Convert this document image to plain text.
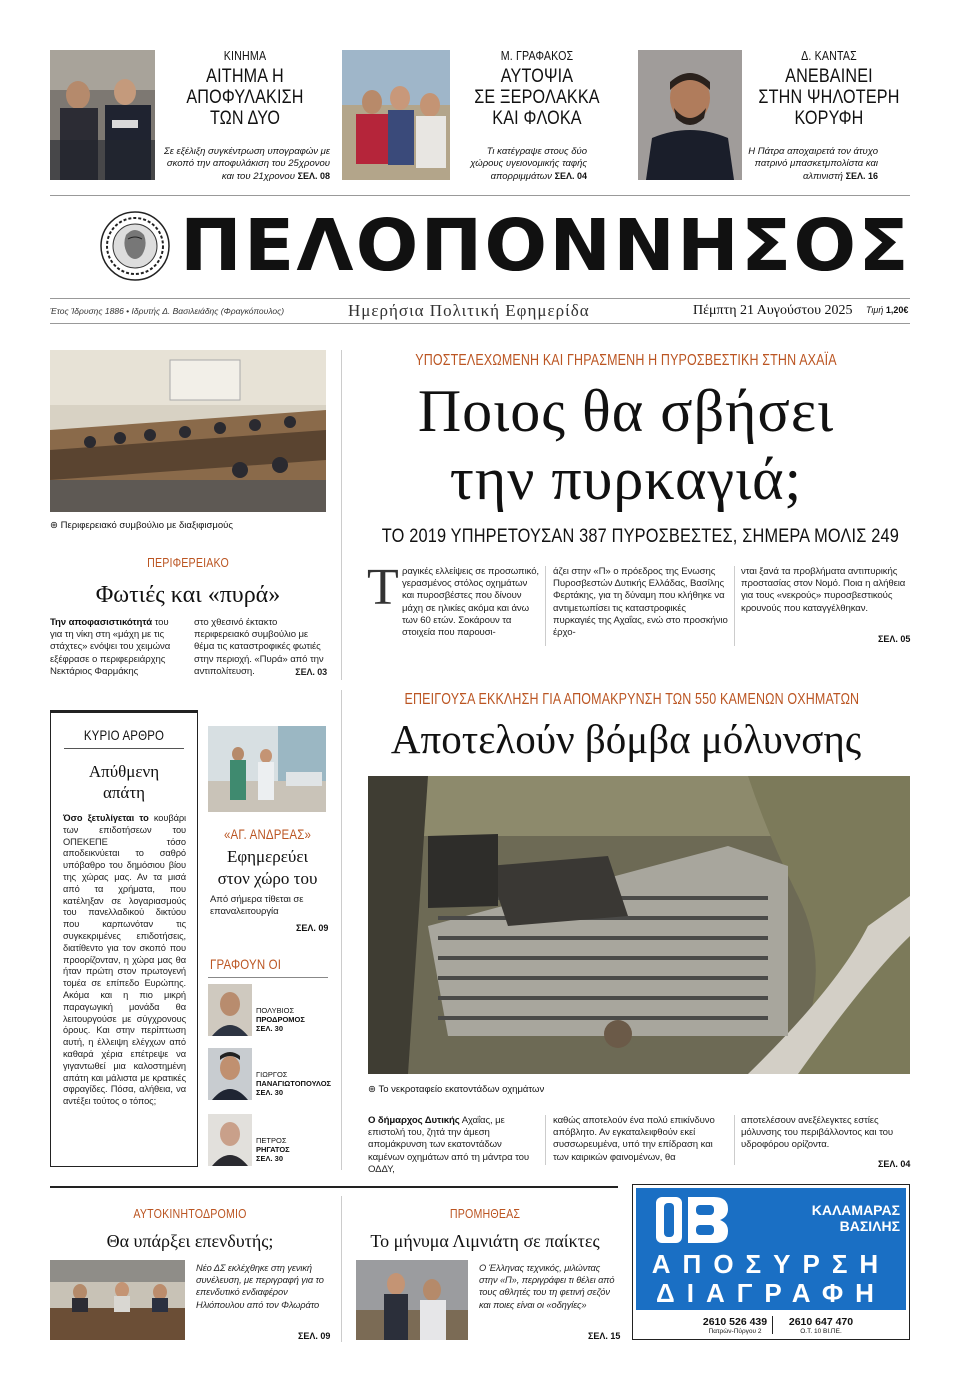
ΚΙΝΗΜΑ
ΑΙΤΗΜΑ Η
ΑΠΟΦΥΛΑΚΙΣΗ
ΤΩΝ ΔΥΟ
Σε εξέλιξη συγκέντρωση υπογραφών με σκοπό την αποφυλάκιση του 25χρονου και του 21χρονου ΣΕΛ. 08
Μ. ΓΡΑΦΑΚΟΣ
ΑΥΤΟΨΙΑ
ΣΕ ΞΕΡΟΛΑΚΚΑ
ΚΑΙ ΦΛΟΚΑ
Τι κατέγραψε στους δύο χώρους υγειονομικής ταφής απορριμμάτων ΣΕΛ. 04
Δ. ΚΑΝΤΑΣ
ΑΝΕΒΑΙΝΕΙ
ΣΤΗΝ ΨΗΛΟΤΕΡΗ
ΚΟΡΥΦΗ
Η Πάτρα αποχαιρετά τον άτυχο πατρινό μπασκετμπολίστα και αλπινιστή ΣΕΛ. 16
ΠΕΛΟΠΟΝΝΗΣΟΣ
Έτος Ίδρυσης 1886 • Ιδρυτής Δ. Βασιλειάδης (Φραγκόπουλος)	Ημερήσια Πολιτική Εφημερίδα	Πέμπτη 21 Αυγούστου 2025 Τιμή 1,20€
⊛ Περιφερειακό συμβούλιο με διαξιφισμούς
ΠΕΡΙΦΕΡΕΙΑΚΟ
Φωτιές και «πυρά»
Την αποφασιστικότητά του για τη νίκη στη «μάχη με τις στάχτες» ενόψει του χειμώνα εξέφρασε ο περιφερειάρχης Νεκτάριος Φαρμάκης
στο χθεσινό έκτακτο περιφερειακό συμβούλιο με θέμα τις καταστροφικές φωτιές στην περιοχή. «Πυρά» από την αντιπολίτευση.	ΣΕΛ. 03
ΥΠΟΣΤΕΛΕΧΩΜΕΝΗ ΚΑΙ ΓΗΡΑΣΜΕΝΗ Η ΠΥΡΟΣΒΕΣΤΙΚΗ ΣΤΗΝ ΑΧΑΪΑ
Ποιος θα σβήσει
την πυρκαγιά;
ΤΟ 2019 ΥΠΗΡΕΤΟΥΣΑΝ 387 ΠΥΡΟΣΒΕΣΤΕΣ, ΣΗΜΕΡΑ ΜΟΛΙΣ 249
Τ ραγικές ελλείψεις σε προσωπικό, γερασμένος στόλος οχημάτων και πυροσβέστες που δίνουν μάχη σε ηλικίες ακόμα και άνω των 60 ετών. Σοκάρουν τα στοιχεία που παρουσι-
άζει στην «Π» ο πρόεδρος της Ενωσης Πυροσβεστών Δυτικής Ελλάδας, Βασίλης Φερτάκης, για τη δύναμη που κλήθηκε να αντιμετωπίσει τις καταστροφικές πυρκαγιές της Αχαΐας, ενώ στο προσκήνιο έρχο-
νται ξανά τα προβλήματα αντιπυρικής προστασίας στον Νομό. Ποια η αλήθεια για τους «νεκρούς» πυροσβεστικούς κρουνούς που καταγγέλθηκαν.
ΣΕΛ. 05
ΚΥΡΙΟ ΑΡΘΡΟ
Απύθμενη
απάτη
Όσο ξετυλίγεται το κουβάρι των επιδοτήσεων του ΟΠΕΚΕΠΕ τόσο αποδεικνύεται το σαθρό υπόβαθρο του δημόσιου βίου της χώρας μας. Αν τα μισά από τα χρήματα, που κατέληξαν σε λογαριασμούς του πανελλαδικού δικτύου που καρπωνόταν τις συγκεκριμένες επιδοτήσεις, διατίθεντο για τον σκοπό που προορίζονταν, η χώρα μας θα ήταν πρώτη στον πρωτογενή τομέα σε επίπεδο Ευρώπης. Ακόμα και η πιο μικρή παραγωγική μονάδα θα λειτουργούσε με σύγχρονους όρους. Και στην περίπτωση αυτή, η έλλειψη ελέγχων από καθαρά χέρια επέτρεψε να γιγαντωθεί μια καλοστημένη απάτη και μάλιστα με κρατικές σφραγίδες. Πόσα, αλήθεια, να αντέξει τούτος ο τόπος;
«ΑΓ. ΑΝΔΡΕΑΣ»
Εφημερεύει
στον χώρο του
Από σήμερα τίθεται σε επαναλειτουργία
ΣΕΛ. 09
ΓΡΑΦΟΥΝ ΟΙ
ΠΟΛΥΒΙΟΣ
ΠΡΟΔΡΟΜΟΣ
ΣΕΛ. 30
ΓΙΩΡΓΟΣ
ΠΑΝΑΓΙΩΤΟΠΟΥΛΟΣ
ΣΕΛ. 30
ΠΕΤΡΟΣ
ΡΗΓΑΤΟΣ
ΣΕΛ. 30
ΕΠΕΙΓΟΥΣΑ ΕΚΚΛΗΣΗ ΓΙΑ ΑΠΟΜΑΚΡΥΝΣΗ ΤΩΝ 550 ΚΑΜΕΝΩΝ ΟΧΗΜΑΤΩΝ
Αποτελούν βόμβα μόλυνσης
⊛ Το νεκροταφείο εκατοντάδων οχημάτων
Ο δήμαρχος Δυτικής Αχαΐας, με επιστολή του, ζητά την άμεση απομάκρυνση των εκατοντάδων καμένων οχημάτων από τη μάντρα του ΟΔΔΥ,
καθώς αποτελούν ένα πολύ επικίνδυνο απόβλητο. Αν εγκαταλειφθούν εκεί συσσωρευμένα, υπό την επίδραση και των καιρικών φαινομένων, θα
αποτελέσουν ανεξέλεγκτες εστίες μόλυνσης του περιβάλλοντος και του υδροφόρου ορίζοντα.
ΣΕΛ. 04
ΑΥΤΟΚΙΝΗΤΟΔΡΟΜΙΟ
Θα υπάρξει επενδυτής;
Νέο ΔΣ εκλέχθηκε στη γενική συνέλευση, με περιγραφή για το επενδυτικό ενδιαφέρον Ηλιόπουλου από τον Φλωράτο
ΣΕΛ. 09
ΠΡΟΜΗΘΕΑΣ
Το μήνυμα Λιμνιάτη σε παίκτες
Ο Έλληνας τεχνικός, μιλώντας στην «Π», περιγράφει τι θέλει από τους αθλητές του τη φετινή σεζόν και ποιες είναι οι «οδηγίες»
ΣΕΛ. 15
ΚΑΛΑΜΑΡΑΣ
ΒΑΣΙΛΗΣ
ΑΠΟΣΥΡΣΗ
ΔΙΑΓΡΑΦΗ
2610 526 439
Πατρών-Πύργου 2
2610 647 470
Ο.Τ. 10 ΒΙ.ΠΕ.
